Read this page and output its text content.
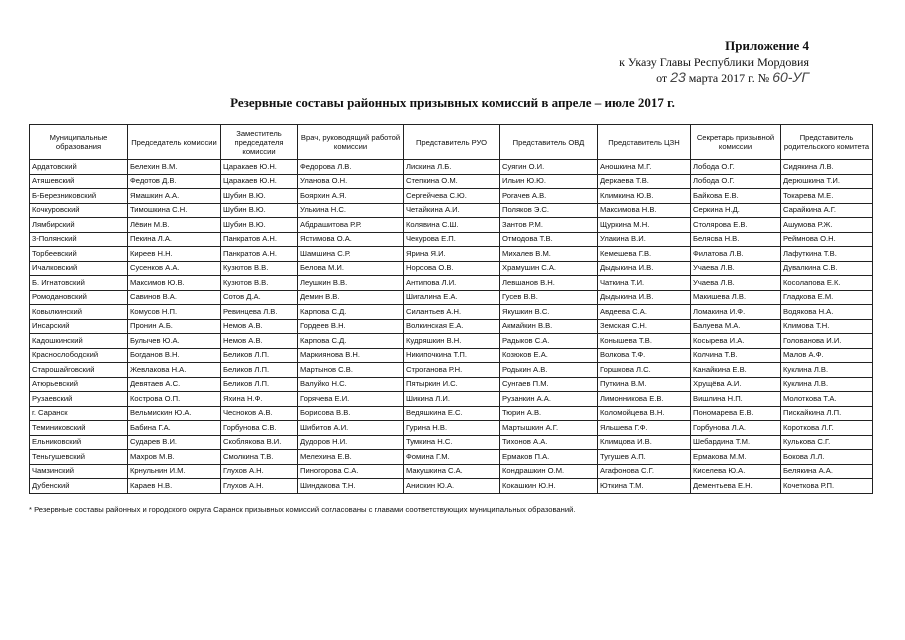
Приложение 4
к Указу Главы Республики Мордовия
от 23 марта 2017 г. № 60-УГ
Резервные составы районных призывных комиссий в апреле – июле 2017 г.
Муниципальные образования	Председатель комиссии	Заместитель председателя комиссии	Врач, руководящий работой комиссии	Представитель РУО	Представитель ОВД	Представитель ЦЗН	Секретарь призывной комиссии	Представитель родительского комитета
Ардатовский	Белехин В.М.	Царакаев Ю.Н.	Федорова Л.В.	Лискина Л.Б.	Суягин О.И.	Аношкина М.Г.	Лобода О.Г.	Сидякина Л.В.
Атяшевский	Федотов Д.В.	Царакаев Ю.Н.	Уланова О.Н.	Степкина О.М.	Ильин Ю.Ю.	Деркаева Т.В.	Лобода О.Г.	Дерюшкина Т.И.
Б-Березниковский	Ямашкин А.А.	Шубин В.Ю.	Боярхин А.Я.	Сергейчева С.Ю.	Рогачев А.В.	Климкина Ю.В.	Байкова Е.В.	Токарева М.Е.
Кочкуровский	Тимошкина С.Н.	Шубин В.Ю.	Улькина Н.С.	Четайкина А.И.	Поляков Э.С.	Максимова Н.В.	Серкина Н.Д.	Сарайкина А.Г.
Лямбирский	Лёвин М.В.	Шубин В.Ю.	Абдрашитова Р.Р.	Колявина С.Ш.	Зантов Р.М.	Щуркина М.Н.	Столярова Е.В.	Ашумова Р.Ж.
3-Полянский	Пекина Л.А.	Панкратов А.Н.	Ястимова О.А.	Чекурова Е.П.	Отмодова Т.В.	Улакина В.И.	Белясва Н.В.	Реймнова О.Н.
Торбеевский	Киреев Н.Н.	Панкратов А.Н.	Шамшина С.Р.	Ярина Я.И.	Михалев В.М.	Кемешева Г.В.	Филатова Л.В.	Лафуткина Т.В.
Ичалковский	Сусенков А.А.	Кузютов В.В.	Белова М.И.	Норсова О.В.	Храмушин С.А.	Дыдыкина И.В.	Учаева Л.В.	Дувалкина С.В.
Б. Игнатовский	Максимов Ю.В.	Кузютов В.В.	Леушкин В.В.	Антипова Л.И.	Левшанов В.Н.	Чаткина Т.И.	Учаева Л.В.	Косолапова Е.К.
Ромодановский	Савинов В.А.	Сотов Д.А.	Демин В.В.	Шигалина Е.А.	Гусев В.В.	Дыдыкина И.В.	Макишева Л.В.	Гладкова Е.М.
Ковылкинский	Комусов Н.П.	Ревинцева Л.В.	Карпова С.Д.	Силантьев А.Н.	Якушкин В.С.	Авдеева С.А.	Ломакина И.Ф.	Водякова Н.А.
Инсарский	Пронин А.Б.	Немов А.В.	Гордеев В.Н.	Волкинская Е.А.	Акмайкин В.В.	Земская С.Н.	Балуева М.А.	Климова Т.Н.
Кадошкинский	Булычев Ю.А.	Немов А.В.	Карпова С.Д.	Кудряшкин В.Н.	Радыков С.А.	Конышева Т.В.	Косырева И.А.	Голованова И.И.
Краснослободский	Богданов В.Н.	Беликов Л.П.	Маркиянова В.Н.	Никипочкина Т.П.	Козюков Е.А.	Волкова Т.Ф.	Колчина Т.В.	Малов А.Ф.
Старошайговский	Жевлакова Н.А.	Беликов Л.П.	Мартынов С.В.	Строганова Р.Н.	Родькин А.В.	Горшкова Л.С.	Канайкина Е.В.	Куклина Л.В.
Атюрьевский	Девятаев А.С.	Беликов Л.П.	Валуйко Н.С.	Пятыркин И.С.	Сунгаев П.М.	Путкина В.М.	Хрущёва А.И.	Куклина Л.В.
Рузаевский	Кострова О.П.	Яхина Н.Ф.	Горячева Е.И.	Шикина Л.И.	Рузанкин А.А.	Лимонникова Е.В.	Вишлина Н.П.	Молоткова Т.А.
г. Саранск	Вельмискин Ю.А.	Чесноков А.В.	Борисова В.В.	Ведяшкина Е.С.	Тюрин А.В.	Коломойцева В.Н.	Пономарева Е.В.	Пискайкина Л.П.
Теминиковский	Бабина Г.А.	Горбунова С.В.	Шибитов А.И.	Гурина Н.В.	Мартышкин А.Г.	Яльшева Г.Ф.	Горбунова Л.А.	Короткова Л.Г.
Ельниковский	Сударев В.И.	Скоблякова В.И.	Дудоров Н.И.	Тумкина Н.С.	Тихонов А.А.	Климцова И.В.	Шебардина Т.М.	Кулькова С.Г.
Теньгушевский	Махров М.В.	Смолкина Т.В.	Мелехина Е.В.	Фомина Г.М.	Ермаков П.А.	Тугушев А.П.	Ермакова М.М.	Бокова Л.Л.
Чамзинский	Крнульнин И.М.	Глухов А.Н.	Пиногорова С.А.	Макушкина С.А.	Кондрашкин О.М.	Агафонова С.Г.	Киселева Ю.А.	Белякина А.А.
Дубенский	Караев Н.В.	Глухов А.Н.	Шиндакова Т.Н.	Анискин Ю.А.	Кокашкин Ю.Н.	Юткина Т.М.	Дементьева Е.Н.	Кочеткова Р.П.
* Резервные составы районных и городского округа Саранск призывных комиссий согласованы с главами соответствующих муниципальных образований.
